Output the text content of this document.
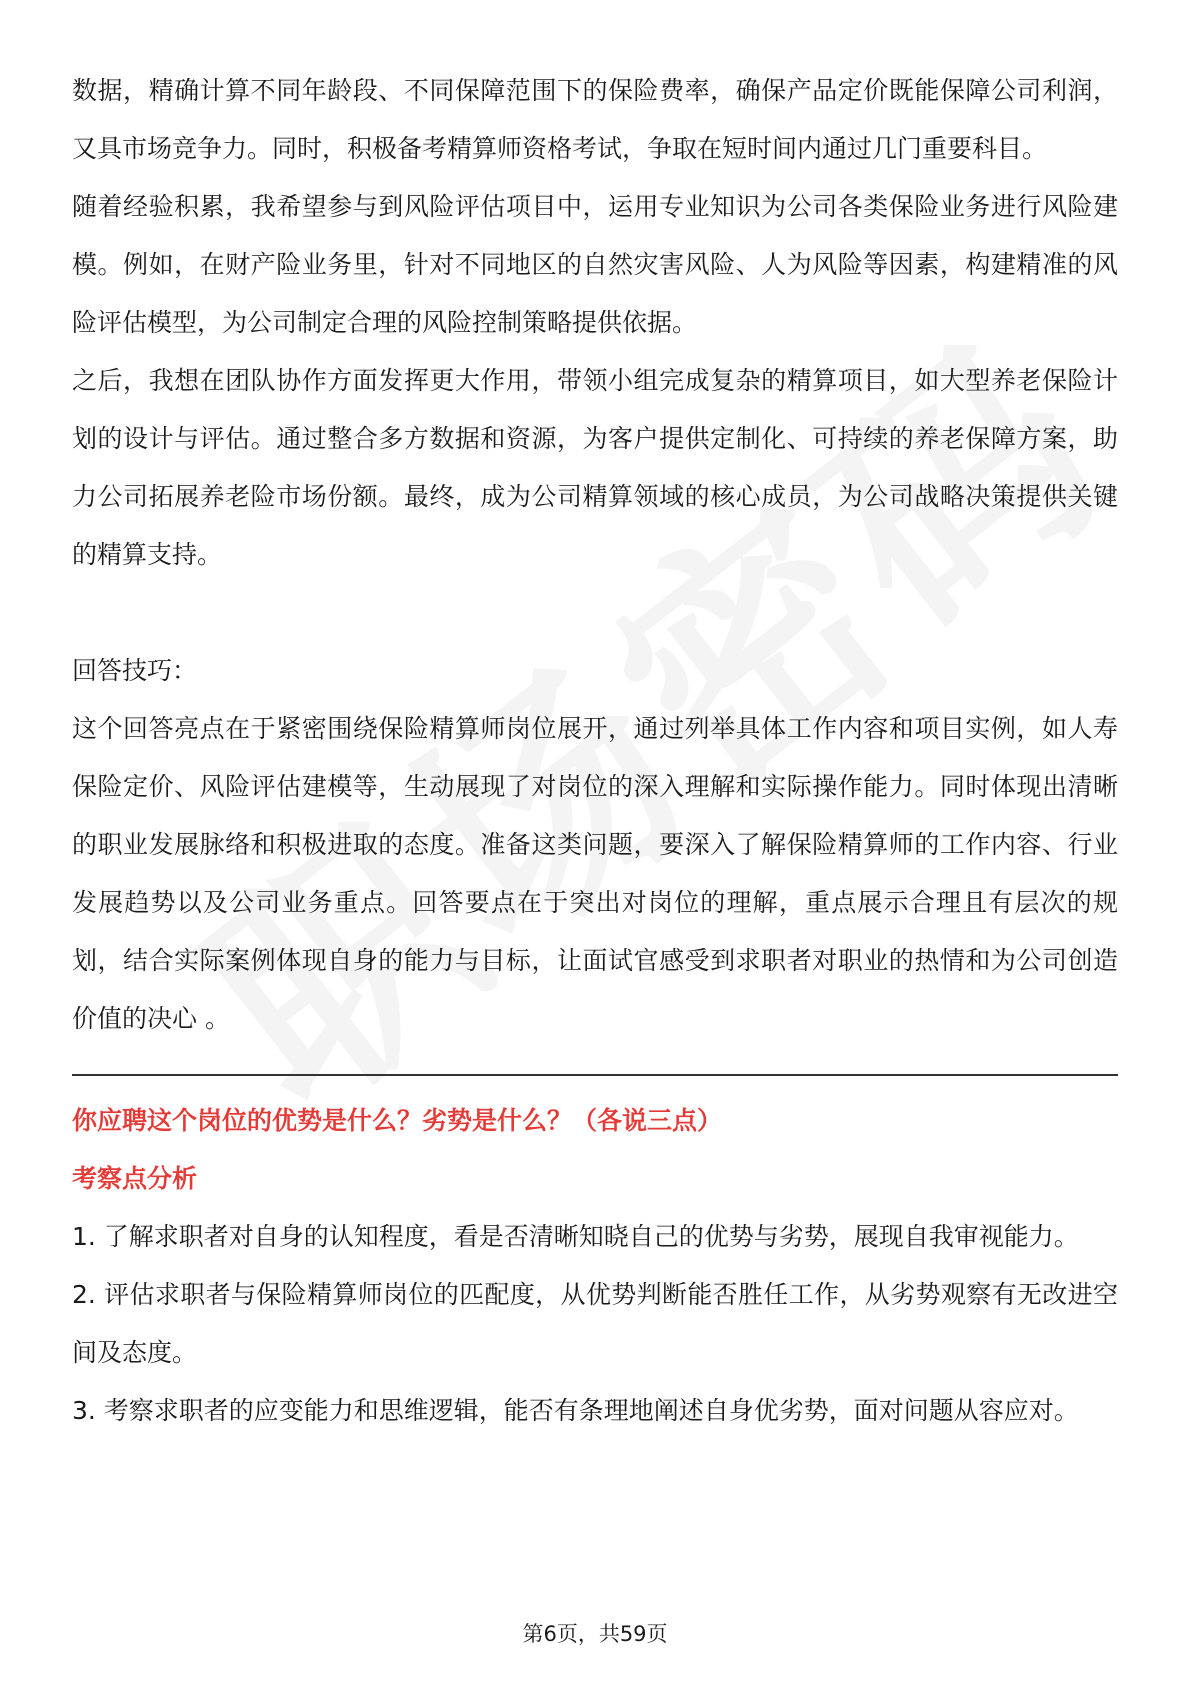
数据，精确计算不同年龄段、不同保障范围下的保险费率，确保产品定价既能保障公司利润，又具市场竞争力。同时，积极备考精算师资格考试，争取在短时间内通过几门重要科目。

随着经验积累，我希望参与到风险评估项目中，运用专业知识为公司各类保险业务进行风险建模。例如，在财产险业务里，针对不同地区的自然灾害风险、人为风险等因素，构建精准的风险评估模型，为公司制定合理的风险控制策略提供依据。

之后，我想在团队协作方面发挥更大作用，带领小组完成复杂的精算项目，如大型养老保险计划的设计与评估。通过整合多方数据和资源，为客户提供定制化、可持续的养老保障方案，助力公司拓展养老险市场份额。最终，成为公司精算领域的核心成员，为公司战略决策提供关键的精算支持。

回答技巧：

这个回答亮点在于紧密围绕保险精算师岗位展开，通过列举具体工作内容和项目实例，如人寿保险定价、风险评估建模等，生动展现了对岗位的深入理解和实际操作能力。同时体现出清晰的职业发展脉络和积极进取的态度。准备这类问题，要深入了解保险精算师的工作内容、行业发展趋势以及公司业务重点。回答要点在于突出对岗位的理解，重点展示合理且有层次的规划，结合实际案例体现自身的能力与目标，让面试官感受到求职者对职业的热情和为公司创造价值的决心 。

你应聘这个岗位的优势是什么？劣势是什么？（各说三点）

考察点分析

1. 了解求职者对自身的认知程度，看是否清晰知晓自己的优势与劣势，展现自我审视能力。

2. 评估求职者与保险精算师岗位的匹配度，从优势判断能否胜任工作，从劣势观察有无改进空间及态度。

3. 考察求职者的应变能力和思维逻辑，能否有条理地阐述自身优劣势，面对问题从容应对。

第6页，共59页
